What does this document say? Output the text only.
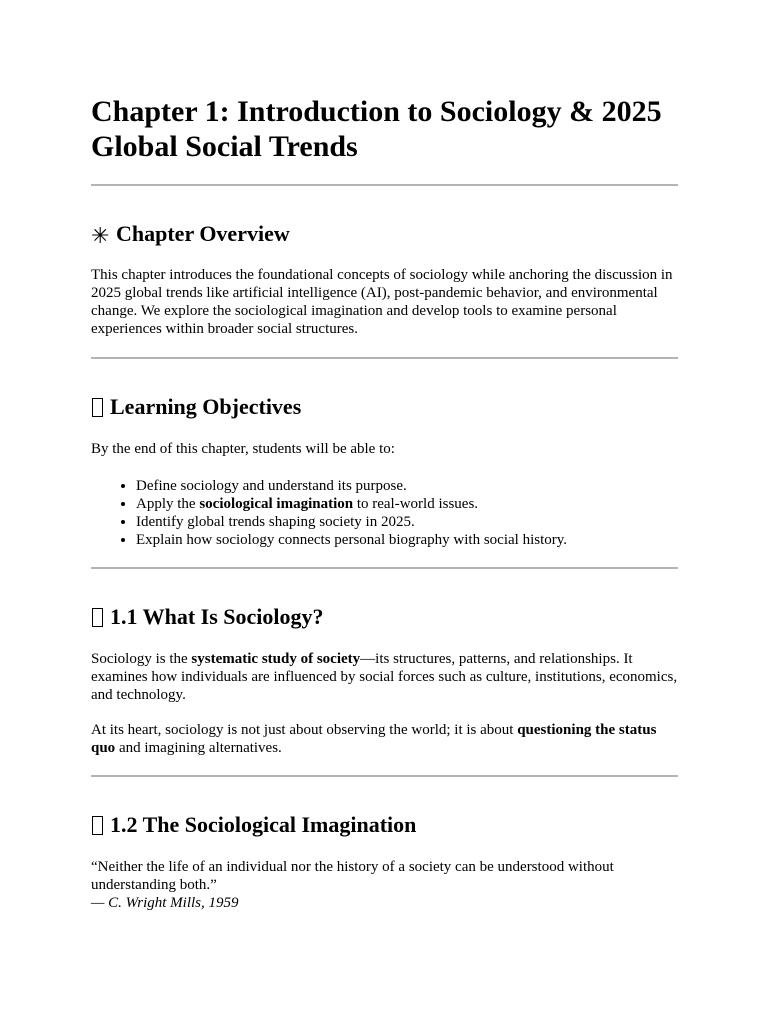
Chapter 1: Introduction to Sociology & 2025 Global Social Trends
✳ Chapter Overview

This chapter introduces the foundational concepts of sociology while anchoring the discussion in 2025 global trends like artificial intelligence (AI), post-pandemic behavior, and environmental change. We explore the sociological imagination and develop tools to examine personal experiences within broader social structures.

Learning Objectives

By the end of this chapter, students will be able to:

• Define sociology and understand its purpose.
• Apply the sociological imagination to real-world issues.
• Identify global trends shaping society in 2025.
• Explain how sociology connects personal biography with social history.
1.1 What Is Sociology?

Sociology is the systematic study of society—its structures, patterns, and relationships. It examines how individuals are influenced by social forces such as culture, institutions, economics, and technology.

At its heart, sociology is not just about observing the world; it is about questioning the status quo and imagining alternatives.

1.2 The Sociological Imagination

“Neither the life of an individual nor the history of a society can be understood without understanding both.”
— C. Wright Mills, 1959
